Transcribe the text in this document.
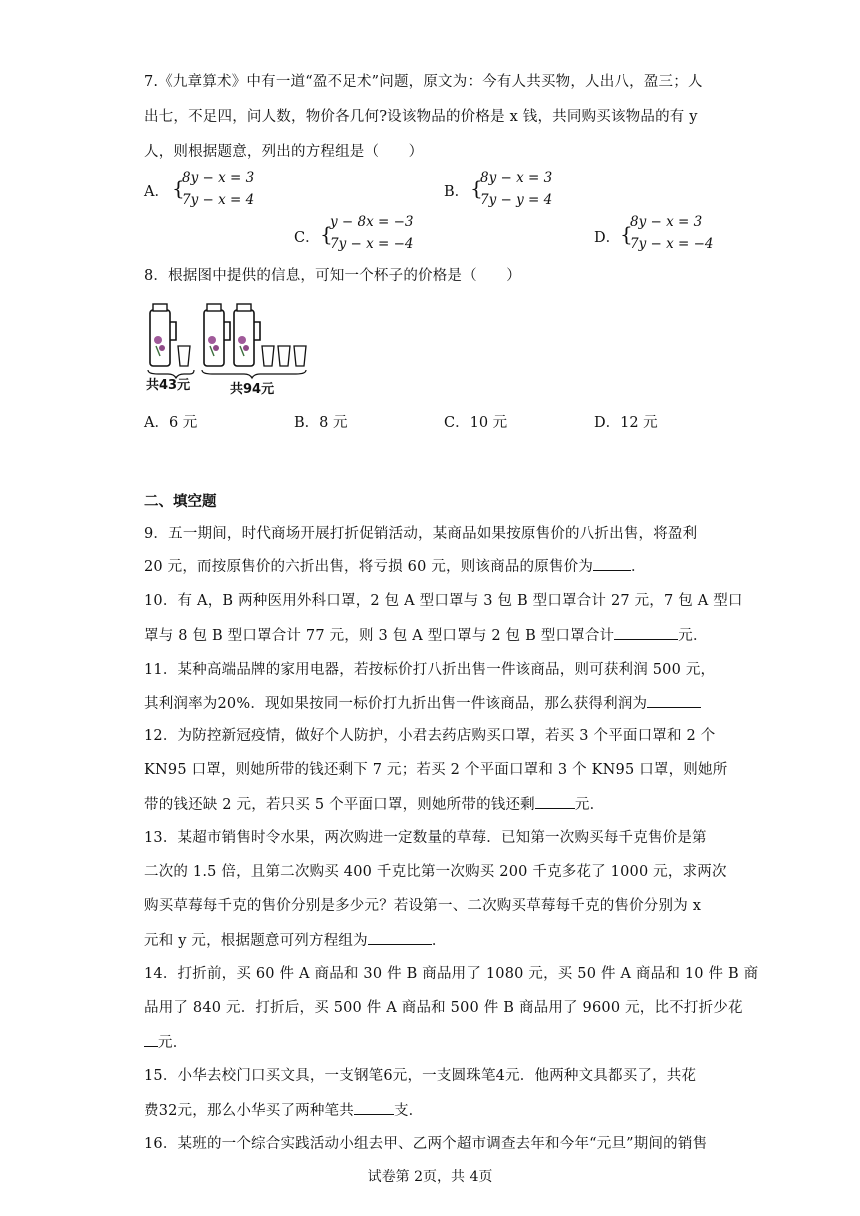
7.《九章算术》中有一道“盈不足术”问题，原文为：今有人共买物，人出八，盈三；人
出七，不足四，问人数，物价各几何?设该物品的价格是 x 钱，共同购买该物品的有 y
人，则根据题意，列出的方程组是（　　）
A． {
8y − x = 3
7y − x = 4	B． {
8y − x = 3
7y − y = 4
C． {
y − 8x = −3
7y − x = −4	D． {
8y − x = 3
7y − x = −4
8．根据图中提供的信息，可知一个杯子的价格是（　　）
共43元	共94元
A．6 元	B．8 元	C．10 元	D．12 元
二、填空题
9．五一期间，时代商场开展打折促销活动，某商品如果按原售价的八折出售，将盈利
20 元，而按原售价的六折出售，将亏损 60 元，则该商品的原售价为	．
10．有 A，B 两种医用外科口罩，2 包 A 型口罩与 3 包 B 型口罩合计 27 元，7 包 A 型口
罩与 8 包 B 型口罩合计 77 元，则 3 包 A 型口罩与 2 包 B 型口罩合计	元．
11．某种高端品牌的家用电器，若按标价打八折出售一件该商品，则可获利润 500 元，
其利润率为20%．现如果按同一标价打九折出售一件该商品，那么获得利润为
12．为防控新冠疫情，做好个人防护，小君去药店购买口罩，若买 3 个平面口罩和 2 个
KN95 口罩，则她所带的钱还剩下 7 元；若买 2 个平面口罩和 3 个 KN95 口罩，则她所
带的钱还缺 2 元，若只买 5 个平面口罩，则她所带的钱还剩	元．
13．某超市销售时令水果，两次购进一定数量的草莓．已知第一次购买每千克售价是第
二次的 1.5 倍，且第二次购买 400 千克比第一次购买 200 千克多花了 1000 元，求两次
购买草莓每千克的售价分别是多少元？若设第一、二次购买草莓每千克的售价分别为 x
元和 y 元，根据题意可列方程组为	．
14．打折前，买 60 件 A 商品和 30 件 B 商品用了 1080 元，买 50 件 A 商品和 10 件 B 商
品用了 840 元．打折后，买 500 件 A 商品和 500 件 B 商品用了 9600 元，比不打折少花
元．
15．小华去校门口买文具，一支钢笔6元，一支圆珠笔4元．他两种文具都买了，共花
费32元，那么小华买了两种笔共	支．
16．某班的一个综合实践活动小组去甲、乙两个超市调查去年和今年“元旦”期间的销售
试卷第 2页，共 4页
